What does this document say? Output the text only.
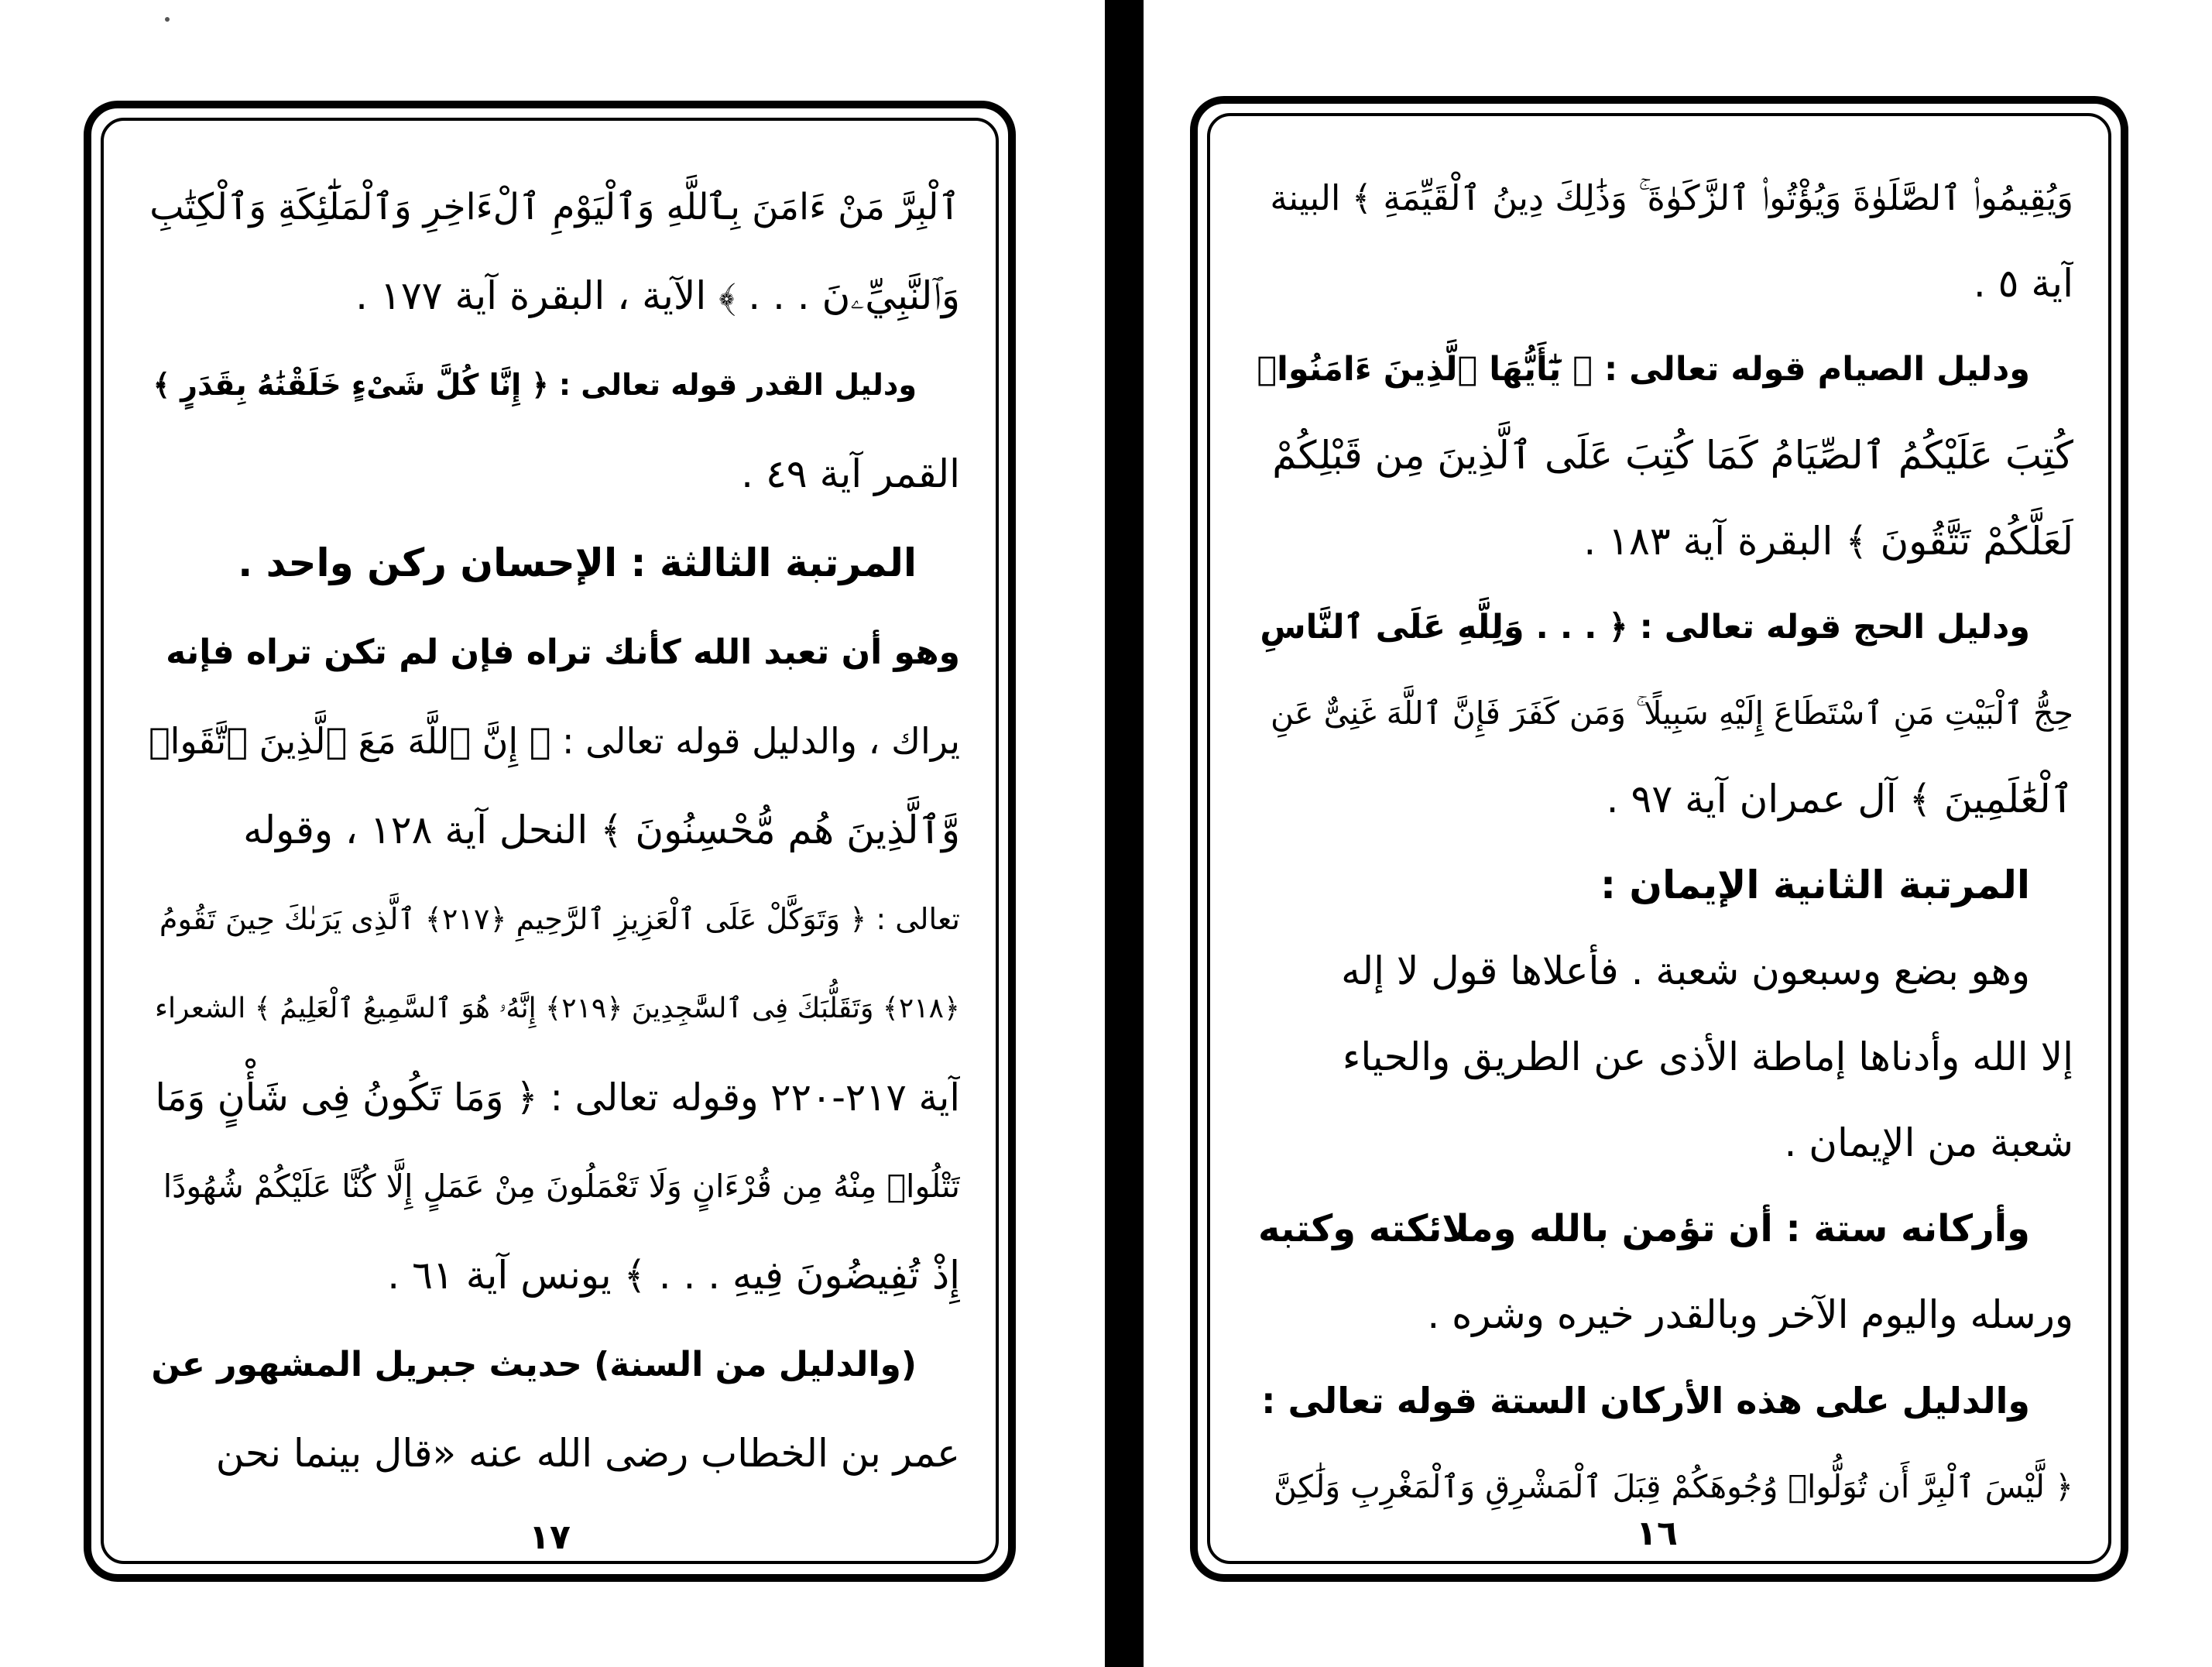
ٱلْبِرَّ مَنْ ءَامَنَ بِٱللَّهِ وَٱلْيَوْمِ ٱلْءَاخِرِ وَٱلْمَلَٰٓئِكَةِ وَٱلْكِتَٰبِ
وَٱلنَّبِيِّۦنَ . . . ﴾ الآية ، البقرة آية ١٧٧ .
ودليل القدر قوله تعالى : ﴿ إِنَّا كُلَّ شَىْءٍ خَلَقْنَٰهُ بِقَدَرٍ ﴾
القمر آية ٤٩ .
المرتبة الثالثة : الإحسان ركن واحد .
وهو أن تعبد الله كأنك تراه فإن لم تكن تراه فإنه
يراك ، والدليل قوله تعالى : ﴿ إِنَّ ٱللَّهَ مَعَ ٱلَّذِينَ ٱتَّقَوا۟
وَّٱلَّذِينَ هُم مُّحْسِنُونَ ﴾ النحل آية ١٢٨ ، وقوله
تعالى : ﴿ وَتَوَكَّلْ عَلَى ٱلْعَزِيزِ ٱلرَّحِيمِ ﴿٢١٧﴾ ٱلَّذِى يَرَىٰكَ حِينَ تَقُومُ
﴿٢١٨﴾ وَتَقَلُّبَكَ فِى ٱلسَّٰجِدِينَ ﴿٢١٩﴾ إِنَّهُۥ هُوَ ٱلسَّمِيعُ ٱلْعَلِيمُ ﴾ الشعراء
آية ٢١٧-٢٢٠ وقوله تعالى : ﴿ وَمَا تَكُونُ فِى شَأْنٍ وَمَا
تَتْلُوا۟ مِنْهُ مِن قُرْءَانٍ وَلَا تَعْمَلُونَ مِنْ عَمَلٍ إِلَّا كُنَّا عَلَيْكُمْ شُهُودًا
إِذْ تُفِيضُونَ فِيهِ . . . ﴾ يونس آية ٦١ .
(والدليل من السنة) حديث جبريل المشهور عن
عمر بن الخطاب رضى الله عنه «قال بينما نحن
١٧
وَيُقِيمُوا۟ ٱلصَّلَوٰةَ وَيُؤْتُوا۟ ٱلزَّكَوٰةَ ۚ وَذَٰلِكَ دِينُ ٱلْقَيِّمَةِ ﴾ البينة
آية ٥ .
ودليل الصيام قوله تعالى : ﴿ يَٰٓأَيُّهَا ٱلَّذِينَ ءَامَنُوا۟
كُتِبَ عَلَيْكُمُ ٱلصِّيَامُ كَمَا كُتِبَ عَلَى ٱلَّذِينَ مِن قَبْلِكُمْ
لَعَلَّكُمْ تَتَّقُونَ ﴾ البقرة آية ١٨٣ .
ودليل الحج قوله تعالى : ﴿ . . . وَلِلَّهِ عَلَى ٱلنَّاسِ
حِجُّ ٱلْبَيْتِ مَنِ ٱسْتَطَاعَ إِلَيْهِ سَبِيلًا ۚ وَمَن كَفَرَ فَإِنَّ ٱللَّهَ غَنِىٌّ عَنِ
ٱلْعَٰلَمِينَ ﴾ آل عمران آية ٩٧ .
المرتبة الثانية الإيمان :
وهو بضع وسبعون شعبة . فأعلاها قول لا إله
إلا الله وأدناها إماطة الأذى عن الطريق والحياء
شعبة من الإيمان .
وأركانه ستة : أن تؤمن بالله وملائكته وكتبه
ورسله واليوم الآخر وبالقدر خيره وشره .
والدليل على هذه الأركان الستة قوله تعالى :
﴿ لَّيْسَ ٱلْبِرَّ أَن تُوَلُّوا۟ وُجُوهَكُمْ قِبَلَ ٱلْمَشْرِقِ وَٱلْمَغْرِبِ وَلَٰكِنَّ
١٦
